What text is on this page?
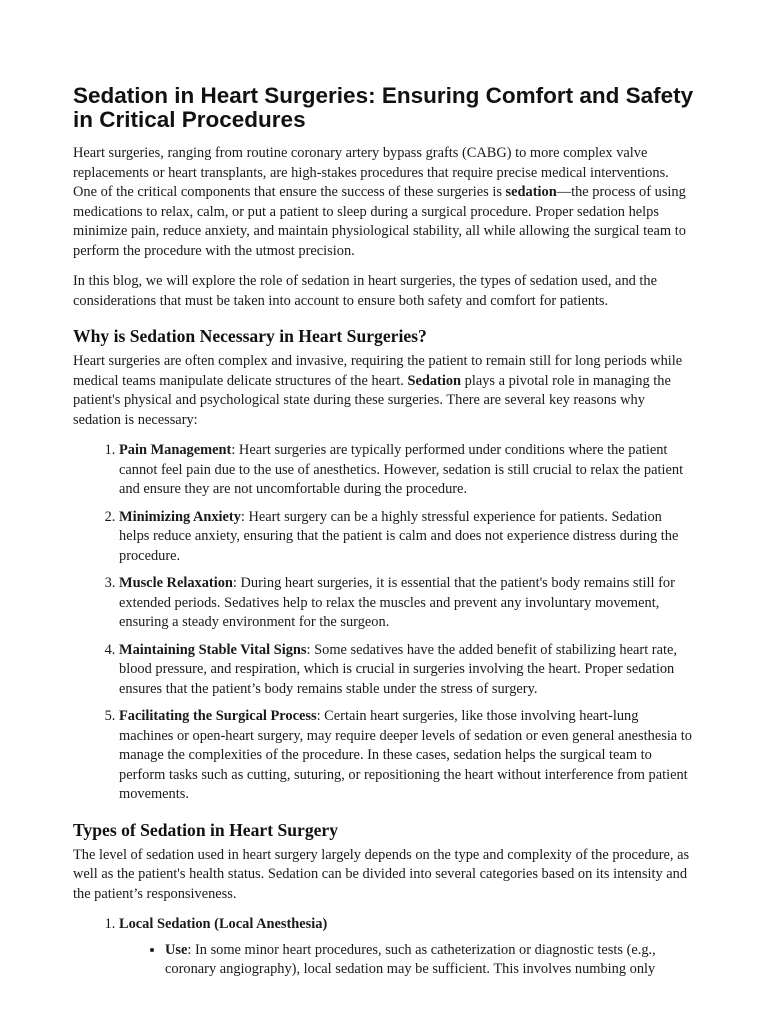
Sedation in Heart Surgeries: Ensuring Comfort and Safety in Critical Procedures

Heart surgeries, ranging from routine coronary artery bypass grafts (CABG) to more complex valve replacements or heart transplants, are high-stakes procedures that require precise medical interventions. One of the critical components that ensure the success of these surgeries is sedation—the process of using medications to relax, calm, or put a patient to sleep during a surgical procedure. Proper sedation helps minimize pain, reduce anxiety, and maintain physiological stability, all while allowing the surgical team to perform the procedure with the utmost precision.

In this blog, we will explore the role of sedation in heart surgeries, the types of sedation used, and the considerations that must be taken into account to ensure both safety and comfort for patients.

Why is Sedation Necessary in Heart Surgeries?

Heart surgeries are often complex and invasive, requiring the patient to remain still for long periods while medical teams manipulate delicate structures of the heart. Sedation plays a pivotal role in managing the patient's physical and psychological state during these surgeries. There are several key reasons why sedation is necessary:

1. Pain Management: Heart surgeries are typically performed under conditions where the patient cannot feel pain due to the use of anesthetics. However, sedation is still crucial to relax the patient and ensure they are not uncomfortable during the procedure.
2. Minimizing Anxiety: Heart surgery can be a highly stressful experience for patients. Sedation helps reduce anxiety, ensuring that the patient is calm and does not experience distress during the procedure.
3. Muscle Relaxation: During heart surgeries, it is essential that the patient's body remains still for extended periods. Sedatives help to relax the muscles and prevent any involuntary movement, ensuring a steady environment for the surgeon.
4. Maintaining Stable Vital Signs: Some sedatives have the added benefit of stabilizing heart rate, blood pressure, and respiration, which is crucial in surgeries involving the heart. Proper sedation ensures that the patient’s body remains stable under the stress of surgery.
5. Facilitating the Surgical Process: Certain heart surgeries, like those involving heart-lung machines or open-heart surgery, may require deeper levels of sedation or even general anesthesia to manage the complexities of the procedure. In these cases, sedation helps the surgical team to perform tasks such as cutting, suturing, or repositioning the heart without interference from patient movements.
Types of Sedation in Heart Surgery

The level of sedation used in heart surgery largely depends on the type and complexity of the procedure, as well as the patient's health status. Sedation can be divided into several categories based on its intensity and the patient’s responsiveness.

1. Local Sedation (Local Anesthesia)
• Use: In some minor heart procedures, such as catheterization or diagnostic tests (e.g., coronary angiography), local sedation may be sufficient. This involves numbing only
